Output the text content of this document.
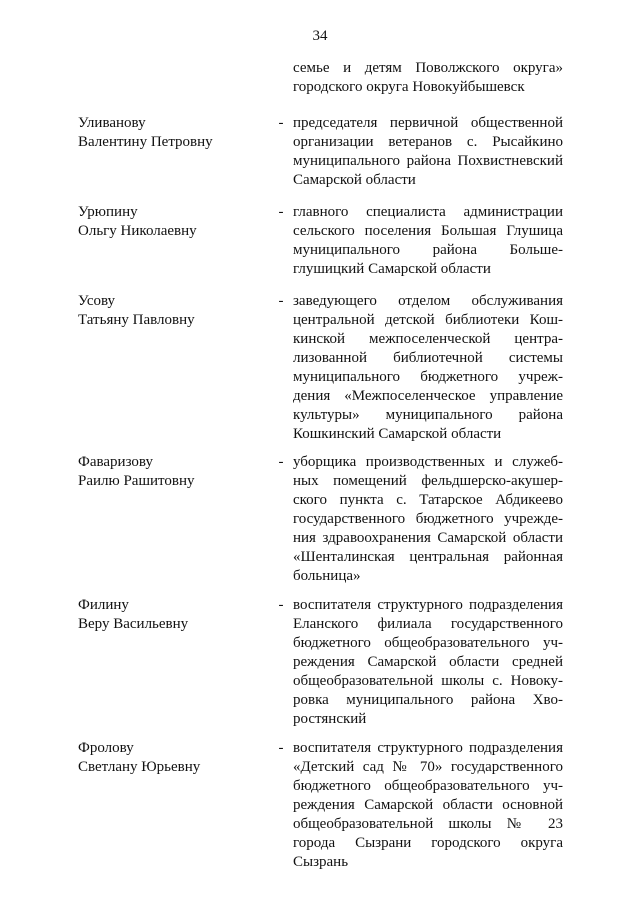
34
семье и детям Поволжского округа»
городского округа Новокуйбышевск
Уливанову
Валентину Петровну
- председателя первичной общественной
организации ветеранов с. Рысайкино
муниципального района Похвистневский
Самарской области
Урюпину
Ольгу Николаевну
- главного специалиста администрации
сельского поселения Большая Глушица
муниципального района Больше-
глушицкий Самарской области
Усову
Татьяну Павловну
- заведующего отделом обслуживания
центральной детской библиотеки Кош-
кинской межпоселенческой центра-
лизованной библиотечной системы
муниципального бюджетного учреж-
дения «Межпоселенческое управление
культуры» муниципального района
Кошкинский Самарской области
Фаваризову
Раилю Рашитовну
- уборщика производственных и служеб-
ных помещений фельдшерско-акушер-
ского пункта с. Татарское Абдикеево
государственного бюджетного учрежде-
ния здравоохранения Самарской области
«Шенталинская центральная районная
больница»
Филину
Веру Васильевну
- воспитателя структурного подразделения
Еланского филиала государственного
бюджетного общеобразовательного уч-
реждения Самарской области средней
общеобразовательной школы с. Новоку-
ровка муниципального района Хво-
ростянский
Фролову
Светлану Юрьевну
- воспитателя структурного подразделения
«Детский сад № 70» государственного
бюджетного общеобразовательного уч-
реждения Самарской области основной
общеобразовательной школы № 23
города Сызрани городского округа
Сызрань
